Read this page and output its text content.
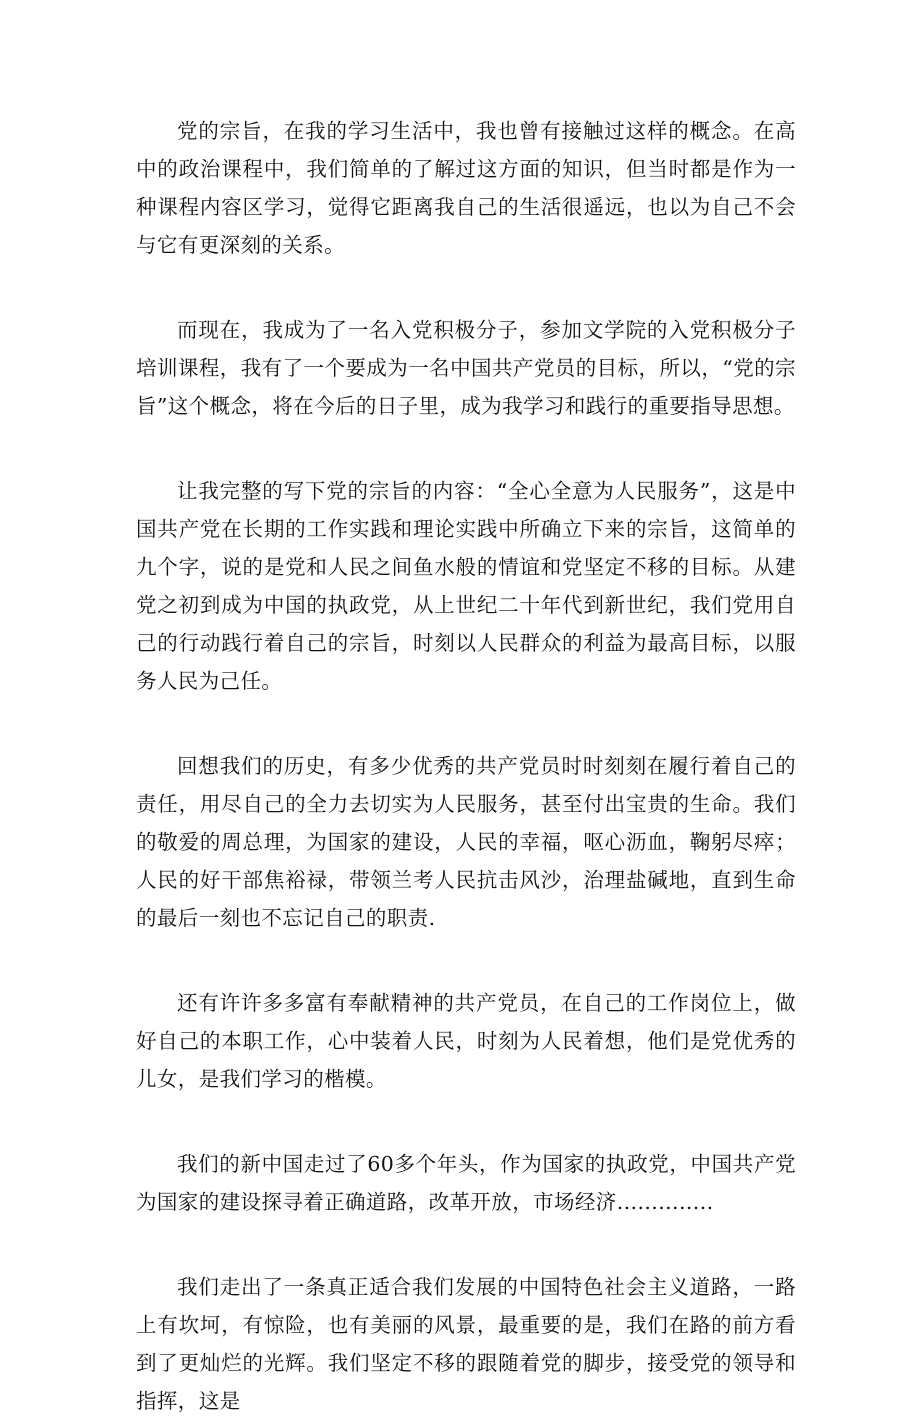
党的宗旨，在我的学习生活中，我也曾有接触过这样的概念。在高中的政治课程中，我们简单的了解过这方面的知识，但当时都是作为一种课程内容区学习，觉得它距离我自己的生活很遥远，也以为自己不会与它有更深刻的关系。

而现在，我成为了一名入党积极分子，参加文学院的入党积极分子培训课程，我有了一个要成为一名中国共产党员的目标，所以，“党的宗旨”这个概念，将在今后的日子里，成为我学习和践行的重要指导思想。

让我完整的写下党的宗旨的内容：“全心全意为人民服务”，这是中国共产党在长期的工作实践和理论实践中所确立下来的宗旨，这简单的九个字，说的是党和人民之间鱼水般的情谊和党坚定不移的目标。从建党之初到成为中国的执政党，从上世纪二十年代到新世纪，我们党用自己的行动践行着自己的宗旨，时刻以人民群众的利益为最高目标，以服务人民为己任。

回想我们的历史，有多少优秀的共产党员时时刻刻在履行着自己的责任，用尽自己的全力去切实为人民服务，甚至付出宝贵的生命。我们的敬爱的周总理，为国家的建设，人民的幸福，呕心沥血，鞠躬尽瘁；人民的好干部焦裕禄，带领兰考人民抗击风沙，治理盐碱地，直到生命的最后一刻也不忘记自己的职责.

还有许许多多富有奉献精神的共产党员，在自己的工作岗位上，做好自己的本职工作，心中装着人民，时刻为人民着想，他们是党优秀的儿女，是我们学习的楷模。

我们的新中国走过了60多个年头，作为国家的执政党，中国共产党为国家的建设探寻着正确道路，改革开放，市场经济..............

我们走出了一条真正适合我们发展的中国特色社会主义道路，一路上有坎坷，有惊险，也有美丽的风景，最重要的是，我们在路的前方看到了更灿烂的光辉。我们坚定不移的跟随着党的脚步，接受党的领导和指挥，这是
